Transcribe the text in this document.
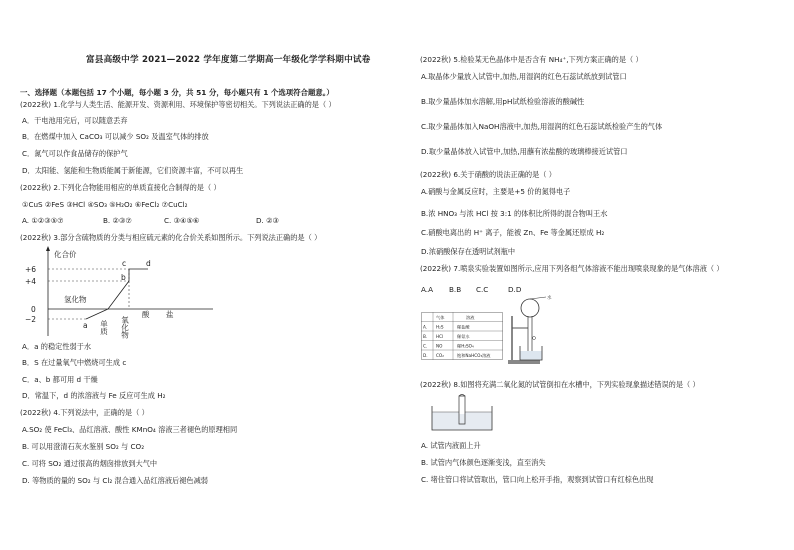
富县高级中学 2021—2022 学年度第二学期高一年级化学学科期中试卷
一、选择题（本题包括 17 个小题，每小题 3 分，共 51 分，每小题只有 1 个选项符合题意。）
(2022秋) 1.化学与人类生活、能源开发、资源利用、环境保护等密切相关。下列说法正确的是（ ）
A．干电池用完后，可以随意丢弃
B．在燃煤中加入 CaCO₃ 可以减少 SO₂ 及温室气体的排放
C．氮气可以作食品储存的保护气
D．太阳能、氢能和生物质能属于新能源，它们资源丰富，不可以再生
(2022秋) 2.下列化合物能用相应的单质直接化合制得的是（ ）
①CuS ②FeS ③HCl ④SO₃ ⑤H₂O₂ ⑥FeCl₂ ⑦CuCl₂
A. ①②③⑤⑦	B. ②③⑦	C. ③④⑤⑥	D. ②③
(2022秋) 3.部分含硫物质的分类与相应硫元素的化合价关系如图所示。下列说法正确的是（ ）
化合价
+6
+4
0
−2
a
b
c	d
氢化物
单质 氧化物
酸 盐
A．a 的稳定性弱于水
B．S 在过量氧气中燃烧可生成 c
C．a、b 都可用 d 干燥
D．常温下，d 的浓溶液与 Fe 反应可生成 H₂
(2022秋) 4.下列说法中，正确的是（ ）
A.SO₂ 使 FeCl₃、品红溶液、酸性 KMnO₄ 溶液三者褪色的原理相同
B. 可以用澄清石灰水鉴别 SO₂ 与 CO₂
C. 可将 SO₂ 通过很高的烟囱排放到大气中
D. 等物质的量的 SO₂ 与 Cl₂ 混合通入品红溶液后褪色减弱
(2022秋) 5.检验某无色晶体中是否含有 NH₄⁺,下列方案正确的是（ ）
A.取晶体少量放入试管中,加热,用湿润的红色石蕊试纸放到试管口
B.取少量晶体加水溶解,用pH试纸检验溶液的酸碱性
C.取少量晶体加入NaOH溶液中,加热,用湿润的红色石蕊试纸检验产生的气体
D.取少量晶体放入试管中,加热,用蘸有浓盐酸的玻璃棒接近试管口
(2022秋) 6.关于硝酸的说法正确的是（ ）
A.硝酸与金属反应时，主要是+5 价的氮得电子
B.浓 HNO₃ 与浓 HCl 按 3:1 的体积比所得的混合物叫王水
C.硝酸电离出的 H⁺ 离子，能被 Zn、Fe 等金属还原成 H₂
D.浓硝酸保存在透明试剂瓶中
(2022秋) 7.喷泉实验装置如图所示,应用下列各组气体溶液不能出现喷泉现象的是气体溶液（ ）
A.A B.B C.C	D.D
气体	溶液
A. H₂S	稀盐酸
B. HCl	稀氨水
C. NO	稀H₂SO₄
D. CO₂	饱和NaHCO₃溶液
水
(2022秋) 8.如图将充满二氧化氮的试管倒扣在水槽中，下列实验现象描述错误的是（ ）
A. 试管内液面上升
B. 试管内气体颜色逐渐变浅，直至消失
C. 堵住管口将试管取出，管口向上松开手指，观察到试管口有红棕色出现
